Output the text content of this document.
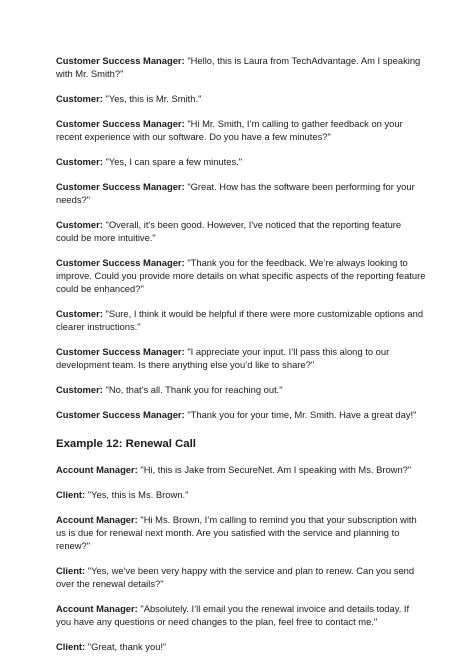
Customer Success Manager: "Hello, this is Laura from TechAdvantage. Am I speaking with Mr. Smith?"

Customer: "Yes, this is Mr. Smith."

Customer Success Manager: "Hi Mr. Smith, I’m calling to gather feedback on your recent experience with our software. Do you have a few minutes?"

Customer: "Yes, I can spare a few minutes."

Customer Success Manager: "Great. How has the software been performing for your needs?"

Customer: "Overall, it's been good. However, I've noticed that the reporting feature could be more intuitive."

Customer Success Manager: "Thank you for the feedback. We’re always looking to improve. Could you provide more details on what specific aspects of the reporting feature could be enhanced?"

Customer: "Sure, I think it would be helpful if there were more customizable options and clearer instructions."

Customer Success Manager: "I appreciate your input. I’ll pass this along to our development team. Is there anything else you’d like to share?"

Customer: "No, that's all. Thank you for reaching out."

Customer Success Manager: "Thank you for your time, Mr. Smith. Have a great day!"

Example 12: Renewal Call

Account Manager: "Hi, this is Jake from SecureNet. Am I speaking with Ms. Brown?"

Client: "Yes, this is Ms. Brown."

Account Manager: "Hi Ms. Brown, I’m calling to remind you that your subscription with us is due for renewal next month. Are you satisfied with the service and planning to renew?"

Client: "Yes, we've been very happy with the service and plan to renew. Can you send over the renewal details?"

Account Manager: "Absolutely. I’ll email you the renewal invoice and details today. If you have any questions or need changes to the plan, feel free to contact me."

Client: "Great, thank you!"
